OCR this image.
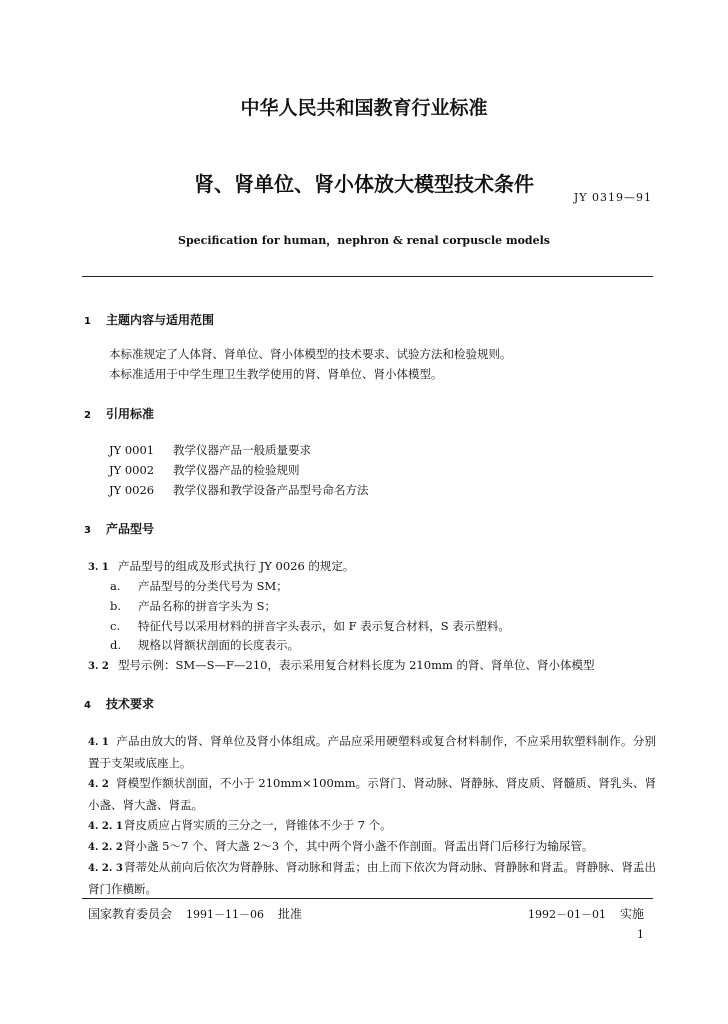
中华人民共和国教育行业标准
肾、肾单位、肾小体放大模型技术条件
JY 0319—91
Specification for human，nephron & renal corpuscle models
1 主题内容与适用范围
本标准规定了人体肾、肾单位、肾小体模型的技术要求、试验方法和检验规则。
本标准适用于中学生理卫生教学使用的肾、肾单位、肾小体模型。
2 引用标准
JY 0001 教学仪器产品一般质量要求
JY 0002 教学仪器产品的检验规则
JY 0026 教学仪器和教学设备产品型号命名方法
3 产品型号
3. 1 产品型号的组成及形式执行 JY 0026 的规定。
a. 产品型号的分类代号为 SM；
b. 产品名称的拼音字头为 S；
c. 特征代号以采用材料的拼音字头表示，如 F 表示复合材料，S 表示塑料。
d. 规格以肾额状剖面的长度表示。
3. 2 型号示例：SM—S—F—210，表示采用复合材料长度为 210mm 的肾、肾单位、肾小体模型
4 技术要求
4. 1 产品由放大的肾、肾单位及肾小体组成。产品应采用硬塑料或复合材料制作，不应采用软塑料制作。分别置于支架或底座上。
4. 2 肾模型作额状剖面，不小于 210mm×100mm。示肾门、肾动脉、肾静脉、肾皮质、肾髓质、肾乳头、肾小盏、肾大盏、肾盂。
4. 2. 1肾皮质应占肾实质的三分之一，肾锥体不少于 7 个。
4. 2. 2肾小盏 5～7 个、肾大盏 2～3 个，其中两个肾小盏不作剖面。肾盂出肾门后移行为输尿管。
4. 2. 3肾蒂处从前向后依次为肾静脉、肾动脉和肾盂；由上而下依次为肾动脉、肾静脉和肾盂。肾静脉、肾盂出肾门作横断。
国家教育委员会 1991－11－06 批准	1992－01－01 实施
1
